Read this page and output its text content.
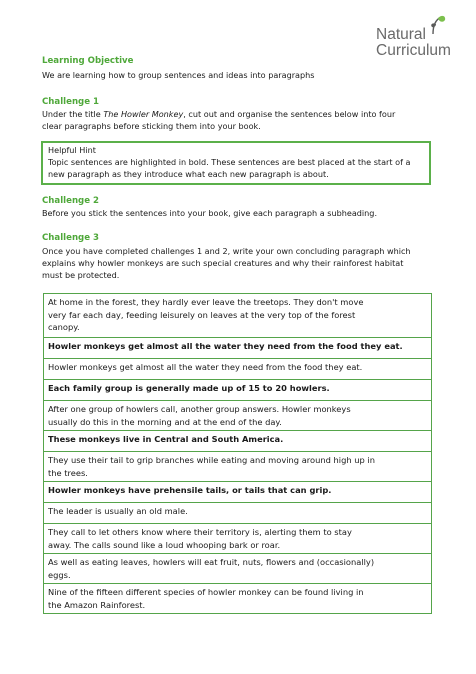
Natural
Curriculum
Learning Objective
We are learning how to group sentences and ideas into paragraphs
Challenge 1
Under the title The Howler Monkey, cut out and organise the sentences below into four
clear paragraphs before sticking them into your book.
Helpful Hint
Topic sentences are highlighted in bold. These sentences are best placed at the start of a
new paragraph as they introduce what each new paragraph is about.
Challenge 2
Before you stick the sentences into your book, give each paragraph a subheading.
Challenge 3
Once you have completed challenges 1 and 2, write your own concluding paragraph which
explains why howler monkeys are such special creatures and why their rainforest habitat
must be protected.
At home in the forest, they hardly ever leave the treetops. They don't move
very far each day, feeding leisurely on leaves at the very top of the forest
canopy.
Howler monkeys get almost all the water they need from the food they eat.
Howler monkeys get almost all the water they need from the food they eat.
Each family group is generally made up of 15 to 20 howlers.
After one group of howlers call, another group answers. Howler monkeys
usually do this in the morning and at the end of the day.
These monkeys live in Central and South America.
They use their tail to grip branches while eating and moving around high up in
the trees.
Howler monkeys have prehensile tails, or tails that can grip.
The leader is usually an old male.
They call to let others know where their territory is, alerting them to stay
away. The calls sound like a loud whooping bark or roar.
As well as eating leaves, howlers will eat fruit, nuts, flowers and (occasionally)
eggs.
Nine of the fifteen different species of howler monkey can be found living in
the Amazon Rainforest.
